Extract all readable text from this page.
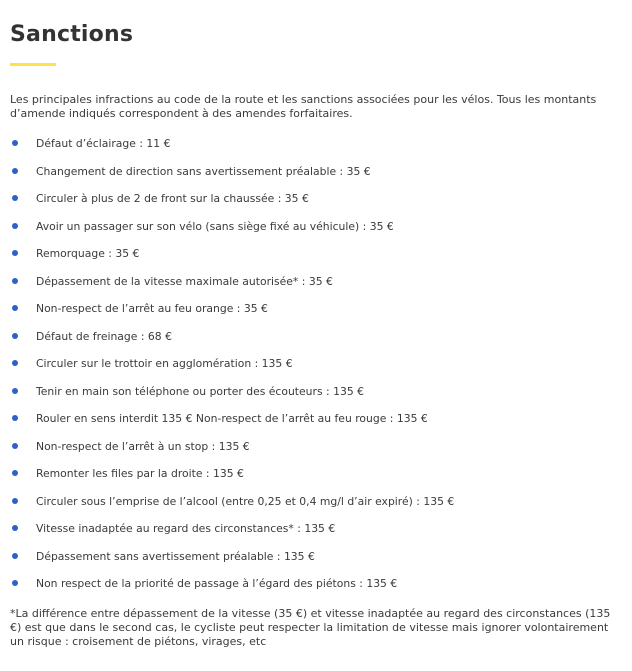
Sanctions

Les principales infractions au code de la route et les sanctions associées pour les vélos. Tous les montants d’amende indiqués correspondent à des amendes forfaitaires.

Défaut d’éclairage : 11 €
Changement de direction sans avertissement préalable : 35 €
Circuler à plus de 2 de front sur la chaussée : 35 €
Avoir un passager sur son vélo (sans siège fixé au véhicule) : 35 €
Remorquage : 35 €
Dépassement de la vitesse maximale autorisée* : 35 €
Non-respect de l’arrêt au feu orange : 35 €
Défaut de freinage : 68 €
Circuler sur le trottoir en agglomération : 135 €
Tenir en main son téléphone ou porter des écouteurs : 135 €
Rouler en sens interdit 135 € Non-respect de l’arrêt au feu rouge : 135 €
Non-respect de l’arrêt à un stop : 135 €
Remonter les files par la droite : 135 €
Circuler sous l’emprise de l’alcool (entre 0,25 et 0,4 mg/l d’air expiré) : 135 €
Vitesse inadaptée au regard des circonstances* : 135 €
Dépassement sans avertissement préalable : 135 €
Non respect de la priorité de passage à l’égard des piétons : 135 €

*La différence entre dépassement de la vitesse (35 €) et vitesse inadaptée au regard des circonstances (135 €) est que dans le second cas, le cycliste peut respecter la limitation de vitesse mais ignorer volontairement un risque : croisement de piétons, virages, etc
